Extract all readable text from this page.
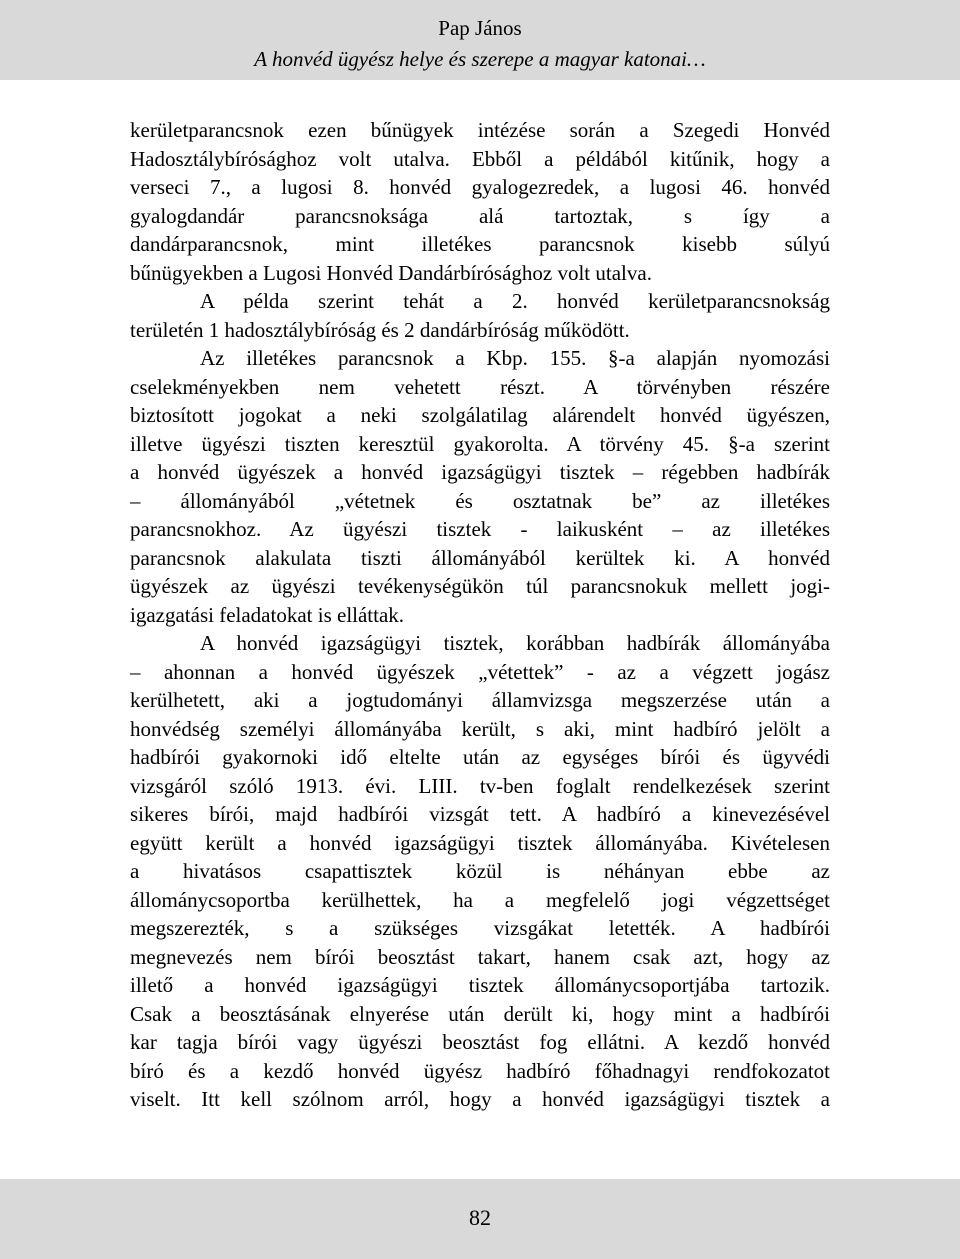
Pap János
A honvéd ügyész helye és szerepe a magyar katonai…

kerületparancsnok ezen bűnügyek intézése során a Szegedi Honvéd

Hadosztálybírósághoz volt utalva. Ebből a példából kitűnik, hogy a

verseci 7., a lugosi 8. honvéd gyalogezredek, a lugosi 46. honvéd

gyalogdandár parancsnoksága alá tartoztak, s így a

dandárparancsnok, mint illetékes parancsnok kisebb súlyú

bűnügyekben a Lugosi Honvéd Dandárbírósághoz volt utalva.

A példa szerint tehát a 2. honvéd kerületparancsnokság

területén 1 hadosztálybíróság és 2 dandárbíróság működött.

Az illetékes parancsnok a Kbp. 155. §-a alapján nyomozási

cselekményekben nem vehetett részt. A törvényben részére

biztosított jogokat a neki szolgálatilag alárendelt honvéd ügyészen,

illetve ügyészi tiszten keresztül gyakorolta. A törvény 45. §-a szerint

a honvéd ügyészek a honvéd igazságügyi tisztek – régebben hadbírák

– állományából „vétetnek és osztatnak be” az illetékes

parancsnokhoz. Az ügyészi tisztek - laikusként – az illetékes

parancsnok alakulata tiszti állományából kerültek ki. A honvéd

ügyészek az ügyészi tevékenységükön túl parancsnokuk mellett jogi-

igazgatási feladatokat is elláttak.

A honvéd igazságügyi tisztek, korábban hadbírák állományába

– ahonnan a honvéd ügyészek „vétettek” - az a végzett jogász

kerülhetett, aki a jogtudományi államvizsga megszerzése után a

honvédség személyi állományába került, s aki, mint hadbíró jelölt a

hadbírói gyakornoki idő eltelte után az egységes bírói és ügyvédi

vizsgáról szóló 1913. évi. LIII. tv-ben foglalt rendelkezések szerint

sikeres bírói, majd hadbírói vizsgát tett. A hadbíró a kinevezésével

együtt került a honvéd igazságügyi tisztek állományába. Kivételesen

a hivatásos csapattisztek közül is néhányan ebbe az

állománycsoportba kerülhettek, ha a megfelelő jogi végzettséget

megszerezték, s a szükséges vizsgákat letették. A hadbírói

megnevezés nem bírói beosztást takart, hanem csak azt, hogy az

illető a honvéd igazságügyi tisztek állománycsoportjába tartozik.

Csak a beosztásának elnyerése után derült ki, hogy mint a hadbírói

kar tagja bírói vagy ügyészi beosztást fog ellátni. A kezdő honvéd

bíró és a kezdő honvéd ügyész hadbíró főhadnagyi rendfokozatot

viselt. Itt kell szólnom arról, hogy a honvéd igazságügyi tisztek a

82
